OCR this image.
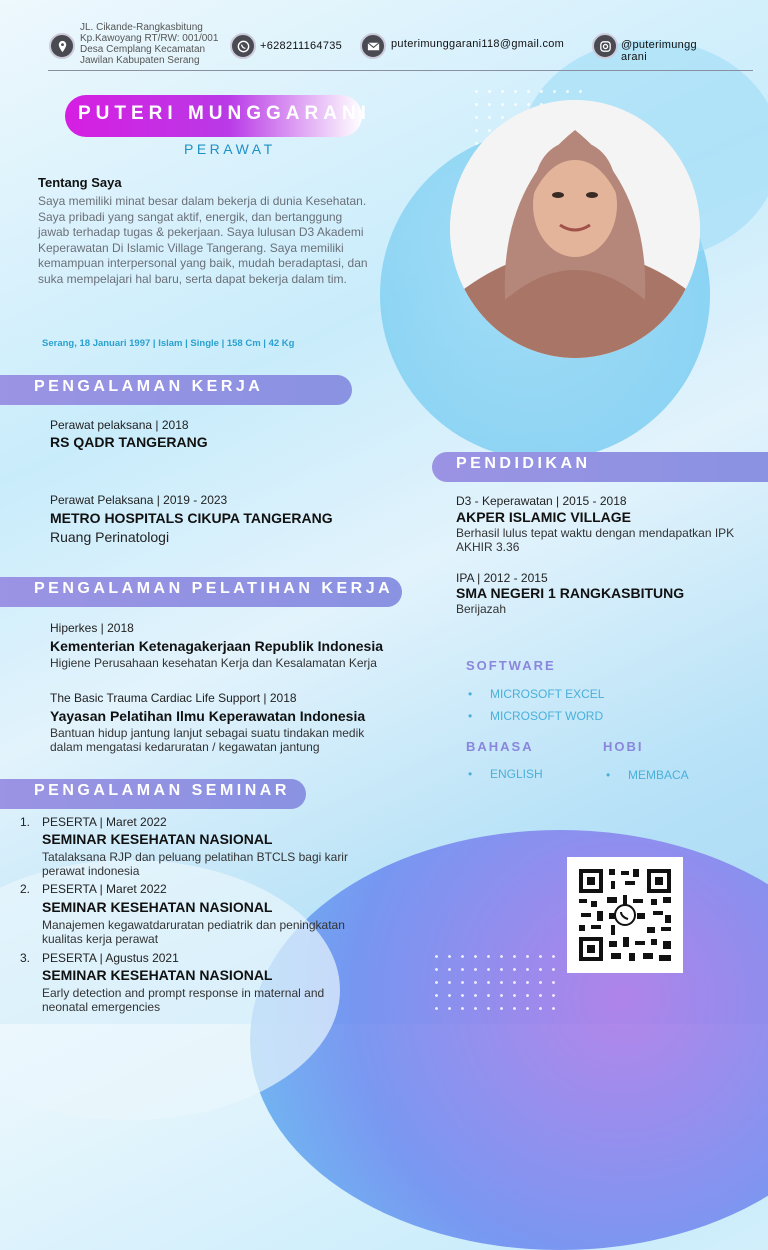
JL. Cikande-Rangkasbitung
Kp.Kawoyang RT/RW: 001/001
Desa Cemplang Kecamatan
Jawilan Kabupaten Serang
+628211164735	puterimunggarani118@gmail.com	@puterimungg
arani
PUTERI MUNGGARANI
PERAWAT
Tentang Saya
Saya memiliki minat besar dalam bekerja di dunia Kesehatan. Saya pribadi yang sangat aktif, energik, dan bertanggung jawab terhadap tugas & pekerjaan. Saya lulusan D3 Akademi Keperawatan Di Islamic Village Tangerang. Saya memiliki kemampuan interpersonal yang baik, mudah beradaptasi, dan suka mempelajari hal baru, serta dapat bekerja dalam tim.
Serang, 18 Januari 1997 | Islam | Single | 158 Cm | 42 Kg
PENGALAMAN KERJA
Perawat pelaksana | 2018
RS QADR TANGERANG
Perawat Pelaksana | 2019 - 2023
METRO HOSPITALS CIKUPA TANGERANG
Ruang Perinatologi
PENGALAMAN PELATIHAN KERJA
Hiperkes | 2018
Kementerian Ketenagakerjaan Republik Indonesia
Higiene Perusahaan kesehatan Kerja dan Kesalamatan Kerja
The Basic Trauma Cardiac Life Support | 2018
Yayasan Pelatihan Ilmu Keperawatan Indonesia
Bantuan hidup jantung lanjut sebagai suatu tindakan medik dalam mengatasi kedaruratan / kegawatan jantung
PENGALAMAN SEMINAR
1. PESERTA | Maret 2022
SEMINAR KESEHATAN NASIONAL
Tatalaksana RJP dan peluang pelatihan BTCLS bagi karir perawat indonesia
2. PESERTA | Maret 2022
SEMINAR KESEHATAN NASIONAL
Manajemen kegawatdaruratan pediatrik dan peningkatan kualitas kerja perawat
3. PESERTA | Agustus 2021
SEMINAR KESEHATAN NASIONAL
Early detection and prompt response in maternal and neonatal emergencies
PENDIDIKAN
D3 - Keperawatan | 2015 - 2018
AKPER ISLAMIC VILLAGE
Berhasil lulus tepat waktu dengan mendapatkan IPK AKHIR 3.36
IPA | 2012 - 2015
SMA NEGERI 1 RANGKASBITUNG
Berijazah
SOFTWARE
• MICROSOFT EXCEL
• MICROSOFT WORD
BAHASA
• ENGLISH
HOBI
• MEMBACA
